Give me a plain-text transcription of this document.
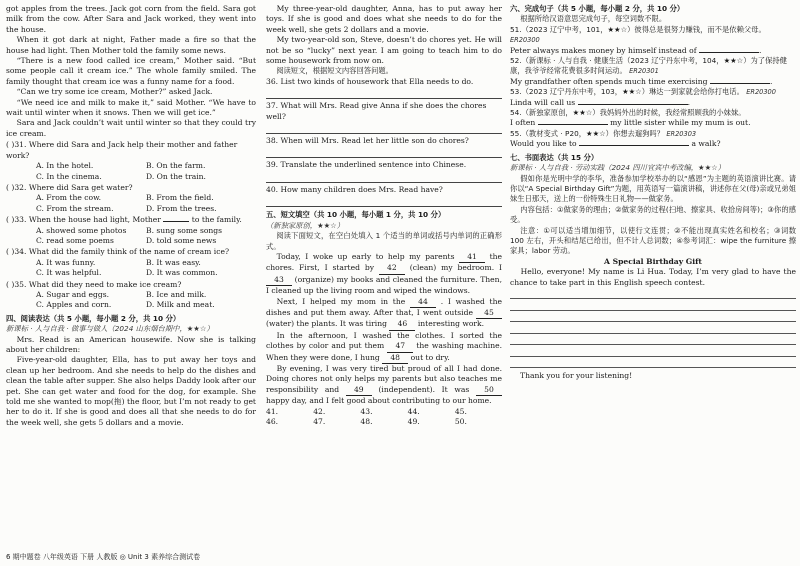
got apples from the trees. Jack got corn from the field. Sara got milk from the cow. After Sara and Jack worked, they went into the house.
When it got dark at night, Father made a fire so that the house had light. Then Mother told the family some news.
“There is a new food called ice cream,” Mother said. “But some people call it cream ice.” The whole family smiled. The family thought that cream ice was a funny name for a food.
“Can we try some ice cream, Mother?” asked Jack.
“We need ice and milk to make it,” said Mother. “We have to wait until winter when it snows. Then we will get ice.”
Sara and Jack couldn’t wait until winter so that they could try ice cream.
( )31. Where did Sara and Jack help their mother and father work?
A. In the hotel.	B. On the farm.
C. In the cinema.	D. On the train.
( )32. Where did Sara get water?
A. From the cow.	B. From the field.
C. From the stream.	D. From the trees.
( )33. When the house had light, Mother	to the family.
A. showed some photos	B. sung some songs
C. read some poems	D. told some news
( )34. What did the family think of the name of cream ice?
A. It was funny.	B. It was easy.
C. It was helpful.	D. It was common.
( )35. What did they need to make ice cream?
A. Sugar and eggs.	B. Ice and milk.
C. Apples and corn.	D. Milk and meat.
四、阅读表达（共 5 小题，每小题 2 分，共 10 分）
新课标 · 人与自我 · 做事与做人（2024 山东烟台期中，★★☆）
Mrs. Read is an American housewife. Now she is talking about her children:
Five-year-old daughter, Ella, has to put away her toys and clean up her bedroom. And she needs to help do the dishes and clean the table after supper. She also helps Daddy look after our pet. She can get water and food for the dog, for example. She told me she wanted to mop(拖) the floor, but I’m not ready to get her to do it. If she is good and does all that she needs to do for the week well, she gets 5 dollars and a movie.
My three-year-old daughter, Anna, has to put away her toys. If she is good and does what she needs to do for the week well, she gets 2 dollars and a movie.
My two-year-old son, Steve, doesn’t do chores yet. He will not be so “lucky” next year. I am going to teach him to do some housework from now on.
阅读短文，根据短文内容回答问题。
36. List two kinds of housework that Ella needs to do.
37. What will Mrs. Read give Anna if she does the chores well?
38. When will Mrs. Read let her little son do chores?
39. Translate the underlined sentence into Chinese.
40. How many children does Mrs. Read have?
五、短文填空（共 10 小题，每小题 1 分，共 10 分）
（新独家原创，★★☆）
阅读下面短文，在空白处填入 1 个适当的单词或括号内单词的正确形式。
Today, I woke up early to help my parents 41 the chores. First, I started by 42 (clean) my bedroom. I 43 (organize) my books and cleaned the furniture. Then, I cleaned up the living room and wiped the windows.
Next, I helped my mom in the 44 . I washed the dishes and put them away. After that, I went outside 45 (water) the plants. It was tiring 46 interesting work.
In the afternoon, I washed the clothes. I sorted the clothes by color and put them 47 the washing machine. When they were done, I hung 48 out to dry.
By evening, I was very tired but proud of all I had done. Doing chores not only helps my parents but also teaches me responsibility and 49 (independent). It was 50 happy day, and I felt good about contributing to our home.
41.	42.	43.	44.	45.
46.	47.	48.	49.	50.
六、完成句子（共 5 小题，每小题 2 分，共 10 分）
根据所给汉语意思完成句子，每空词数不限。
51.（2023 辽宁中考，101，★★☆）彼得总是很努力赚钱，而不是依赖父母。 ER20300
Peter always makes money by himself instead of	.
52.（新课标 · 人与自我 · 健康生活（2023 辽宁丹东中考，104，★★☆）为了保持健康，我爷爷经常花费很多时间运动。 ER20301
My grandfather often spends much time exercising	.
53.（2023 辽宁丹东中考，103，★★☆）琳达一到家就会给你打电话。 ER20300
Linda will call us	.
54.（新独家原创，★★☆）我妈妈外出的时候，我经常照顾我的小妹妹。
I often	my little sister while my mum is out.
55.（教材变式 · P20，★★☆）你想去遛狗吗？ ER20303
Would you like to	a walk?
七、书面表达（共 15 分）
新课标 · 人与自我 · 劳动实践（2024 四川宜宾中考改编，★★☆）
假如你是光明中学的李华，准备参加学校举办的以“感恩”为主题的英语演讲比赛。请你以“A Special Birthday Gift”为题，用英语写一篇演讲稿，讲述你在父(母)亲或兄弟姐妹生日那天，送上的一份特殊生日礼物——做家务。
内容包括：①做家务的理由；②做家务的过程(扫地、擦家具、收拾房间等)；③你的感受。
注意：①可以适当增加细节，以使行文连贯；②不能出现真实姓名和校名；③词数 100 左右，开头和结尾已给出，但不计人总词数；④参考词汇：wipe the furniture 擦家具；labor 劳动。
A Special Birthday Gift
Hello, everyone! My name is Li Hua. Today, I’m very glad to have the chance to take part in this English speech contest.
Thank you for your listening!
6 期中题卷 八年级英语 下册 人教版 ◎ Unit 3 素养综合测试卷
